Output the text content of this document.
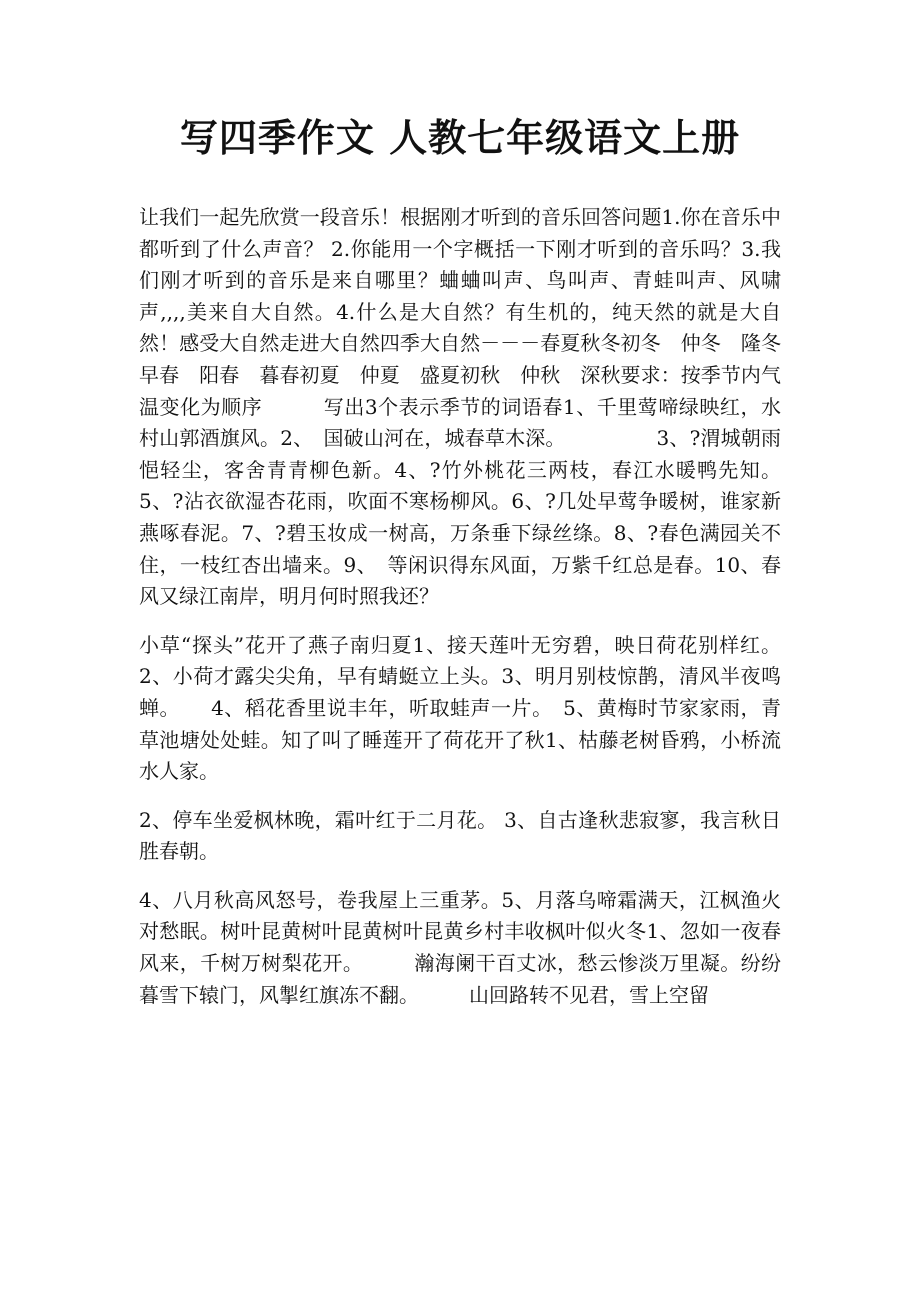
写四季作文 人教七年级语文上册

让我们一起先欣赏一段音乐！根据刚才听到的音乐回答问题1.你在音乐中都听到了什么声音？ 2.你能用一个字概括一下刚才听到的音乐吗？3.我们刚才听到的音乐是来自哪里？蛐蛐叫声、鸟叫声、青蛙叫声、风啸声,,,,美来自大自然。4.什么是大自然？有生机的，纯天然的就是大自然！感受大自然走进大自然四季大自然－－－春夏秋冬初冬　仲冬　隆冬早春　阳春　暮春初夏　仲夏　盛夏初秋　仲秋　深秋要求：按季节内气温变化为顺序　　　写出3个表示季节的词语春1、千里莺啼绿映红，水村山郭酒旗风。2、　国破山河在，城春草木深。　　　　　3、?渭城朝雨悒轻尘，客舍青青柳色新。4、?竹外桃花三两枝，春江水暖鸭先知。5、?沾衣欲湿杏花雨，吹面不寒杨柳风。6、?几处早莺争暖树，谁家新燕啄春泥。7、?碧玉妆成一树高，万条垂下绿丝绦。8、?春色满园关不住，一枝红杏出墙来。9、　等闲识得东风面，万紫千红总是春。10、春风又绿江南岸，明月何时照我还？

小草“探头”花开了燕子南归夏1、接天莲叶无穷碧，映日荷花别样红。2、小荷才露尖尖角，早有蜻蜓立上头。3、明月别枝惊鹊，清风半夜鸣蝉。　　4、稻花香里说丰年，听取蛙声一片。　5、黄梅时节家家雨，青草池塘处处蛙。知了叫了睡莲开了荷花开了秋1、枯藤老树昏鸦，小桥流水人家。

2、停车坐爱枫林晚，霜叶红于二月花。 3、自古逢秋悲寂寥，我言秋日胜春朝。

4、八月秋高风怒号，卷我屋上三重茅。5、月落乌啼霜满天，江枫渔火对愁眠。树叶昆黄树叶昆黄树叶昆黄乡村丰收枫叶似火冬1、忽如一夜春风来，千树万树梨花开。　　　瀚海阑干百丈冰，愁云惨淡万里凝。纷纷暮雪下辕门，风掣红旗冻不翻。　　　山回路转不见君，雪上空留
